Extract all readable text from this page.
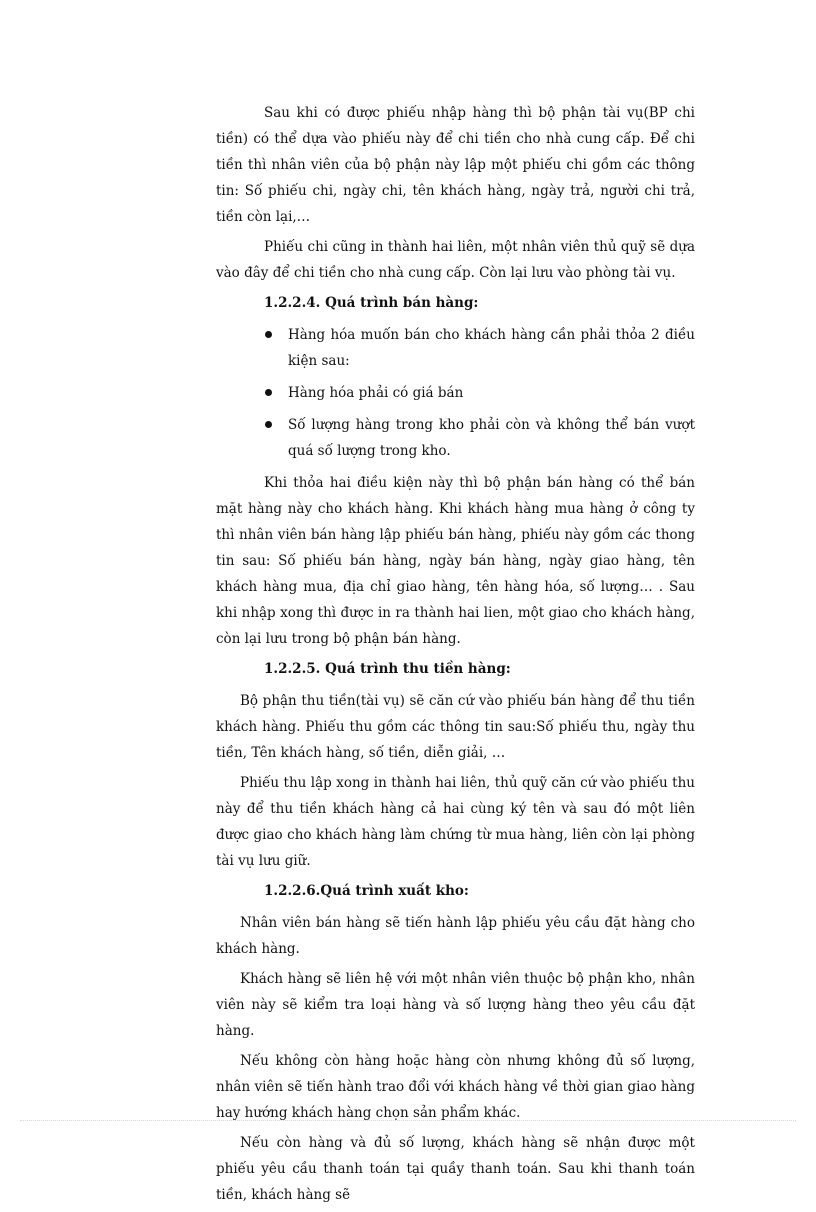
Sau khi có được phiếu nhập hàng thì bộ phận tài vụ(BP chi tiền) có thể dựa vào phiếu này để chi tiền cho nhà cung cấp. Để chi tiền thì nhân viên của bộ phận này lập một phiếu chi gồm các thông tin: Số phiếu chi, ngày chi, tên khách hàng, ngày trả, người chi trả, tiền còn lại,…

Phiếu chi cũng in thành hai liên, một nhân viên thủ quỹ sẽ dựa vào đây để chi tiền cho nhà cung cấp. Còn lại lưu vào phòng tài vụ.

1.2.2.4. Quá trình bán hàng:

Hàng hóa muốn bán cho khách hàng cần phải thỏa 2 điều kiện sau:
Hàng hóa phải có giá bán
Số lượng hàng trong kho phải còn và không thể bán vượt quá số lượng trong kho.

Khi thỏa hai điều kiện này thì bộ phận bán hàng có thể bán mặt hàng này cho khách hàng. Khi khách hàng mua hàng ở công ty thì nhân viên bán hàng lập phiếu bán hàng, phiếu này gồm các thong tin sau: Số phiếu bán hàng, ngày bán hàng, ngày giao hàng, tên khách hàng mua, địa chỉ giao hàng, tên hàng hóa, số lượng… . Sau khi nhập xong thì được in ra thành hai lien, một giao cho khách hàng, còn lại lưu trong bộ phận bán hàng.

1.2.2.5. Quá trình thu tiền hàng:

Bộ phận thu tiền(tài vụ) sẽ căn cứ vào phiếu bán hàng để thu tiền khách hàng. Phiếu thu gồm các thông tin sau:Số phiếu thu, ngày thu tiền, Tên khách hàng, số tiền, diễn giải, …

Phiếu thu lập xong in thành hai liên, thủ quỹ căn cứ vào phiếu thu này để thu tiền khách hàng cả hai cùng ký tên và sau đó một liên được giao cho khách hàng làm chứng từ mua hàng, liên còn lại phòng tài vụ lưu giữ.

1.2.2.6.Quá trình xuất kho:

Nhân viên bán hàng sẽ tiến hành lập phiếu yêu cầu đặt hàng cho khách hàng.

Khách hàng sẽ liên hệ với một nhân viên thuộc bộ phận kho, nhân viên này sẽ kiểm tra loại hàng và số lượng hàng theo yêu cầu đặt hàng.

Nếu không còn hàng hoặc hàng còn nhưng không đủ số lượng, nhân viên sẽ tiến hành trao đổi với khách hàng về thời gian giao hàng hay hướng khách hàng chọn sản phẩm khác.

Nếu còn hàng và đủ số lượng, khách hàng sẽ nhận được một phiếu yêu cầu thanh toán tại quầy thanh toán. Sau khi thanh toán tiền, khách hàng sẽ
